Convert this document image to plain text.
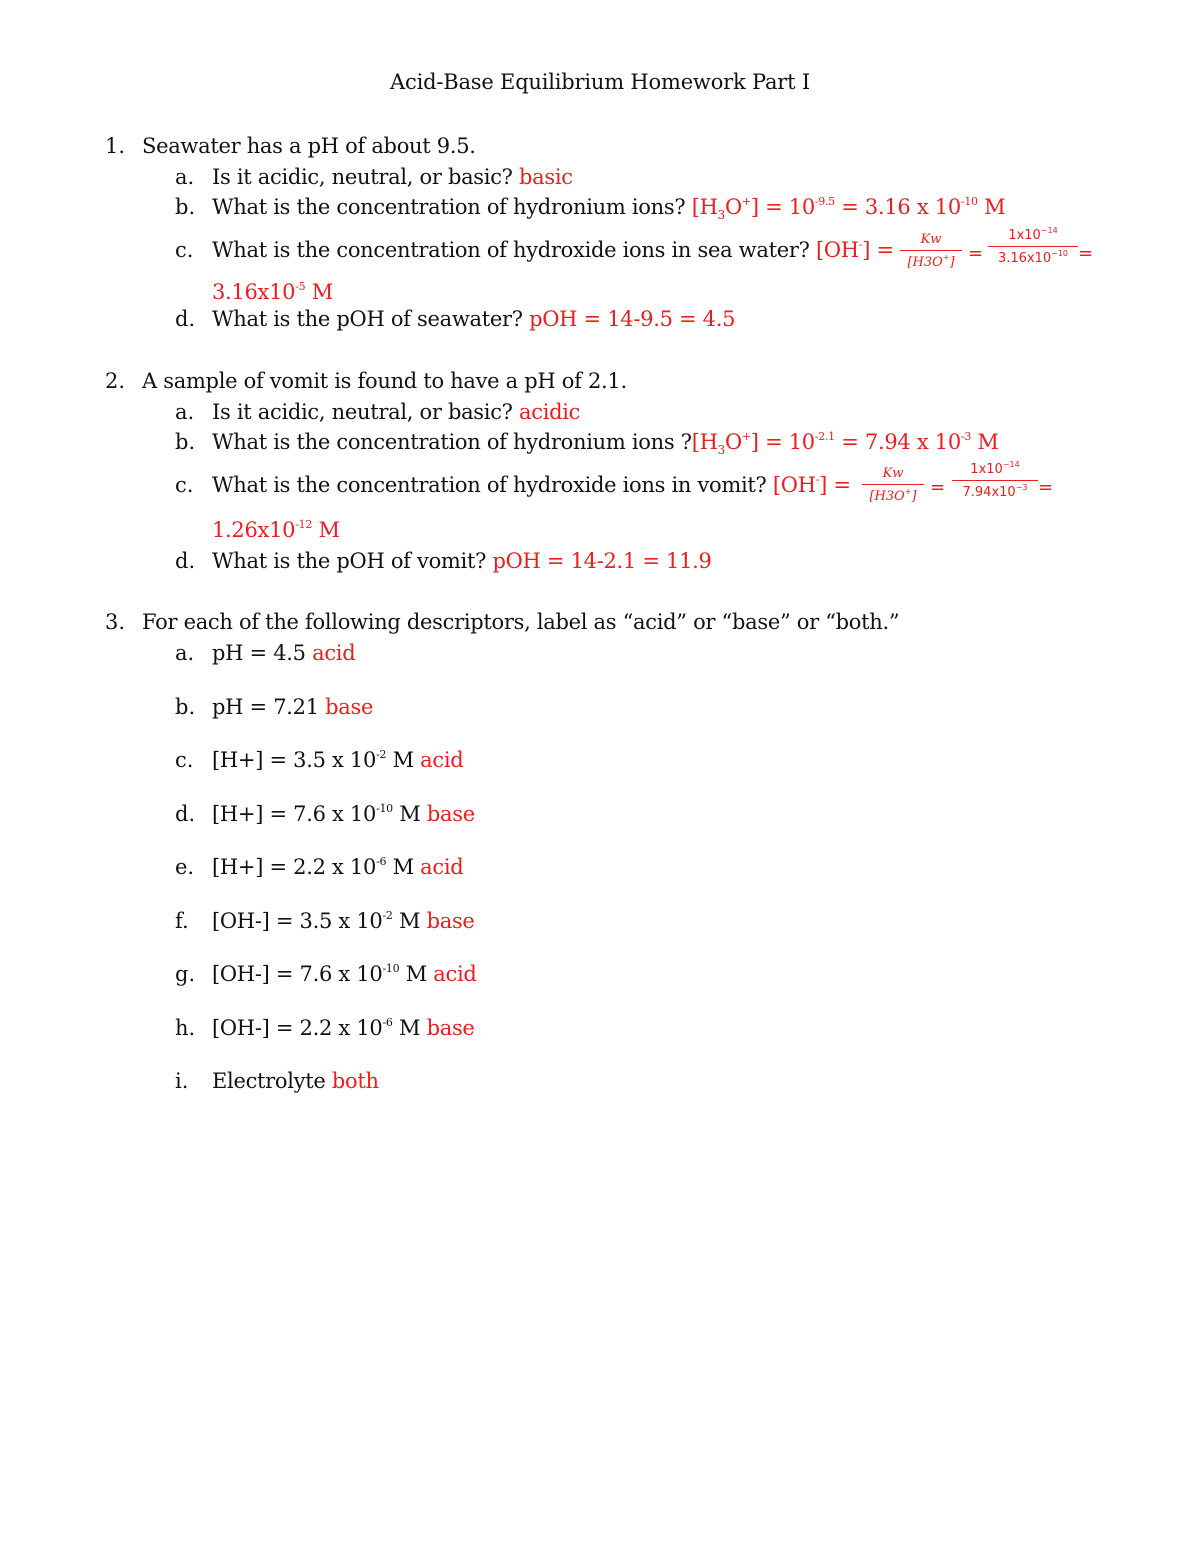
Acid-Base Equilibrium Homework Part I
1. Seawater has a pH of about 9.5.
a. Is it acidic, neutral, or basic? basic
b. What is the concentration of hydronium ions? $[H_3O^+] = 10^{-9.5} = 3.16$ x $10^{-10}$ M
c. What is the concentration of hydroxide ions in sea water? $[OH^-] = \frac{Kw}{[H3O^+]} = \frac{1x10^{-14}}{3.16x10^{-10}}$ =
$3.16x10^{-5}$ M
d. What is the pOH of seawater? pOH = 14-9.5 = 4.5
2. A sample of vomit is found to have a pH of 2.1.
a. Is it acidic, neutral, or basic? acidic
b. What is the concentration of hydronium ions $?[H_3O^+] = 10^{-2.1} = 7.94$ x $10^{-3}$ M
c. What is the concentration of hydroxide ions in vomit? $[OH^-] = \frac{Kw}{[H3O^+]} = \frac{1x10^{-14}}{7.94x10^{-3}}$ =
$1.26x10^{-12}$ M
d. What is the pOH of vomit? pOH = 14-2.1 = 11.9
3. For each of the following descriptors, label as “acid” or “base” or “both.”
a. pH = 4.5 acid
b. pH = 7.21 base
c. [H+] = 3.5 x $10^{-2}$ M acid
d. [H+] = 7.6 x $10^{-10}$ M base
e. [H+] = 2.2 x $10^{-6}$ M acid
f. [OH-] = 3.5 x $10^{-2}$ M base
g. [OH-] = 7.6 x $10^{-10}$ M acid
h. [OH-] = 2.2 x $10^{-6}$ M base
i. Electrolyte both
